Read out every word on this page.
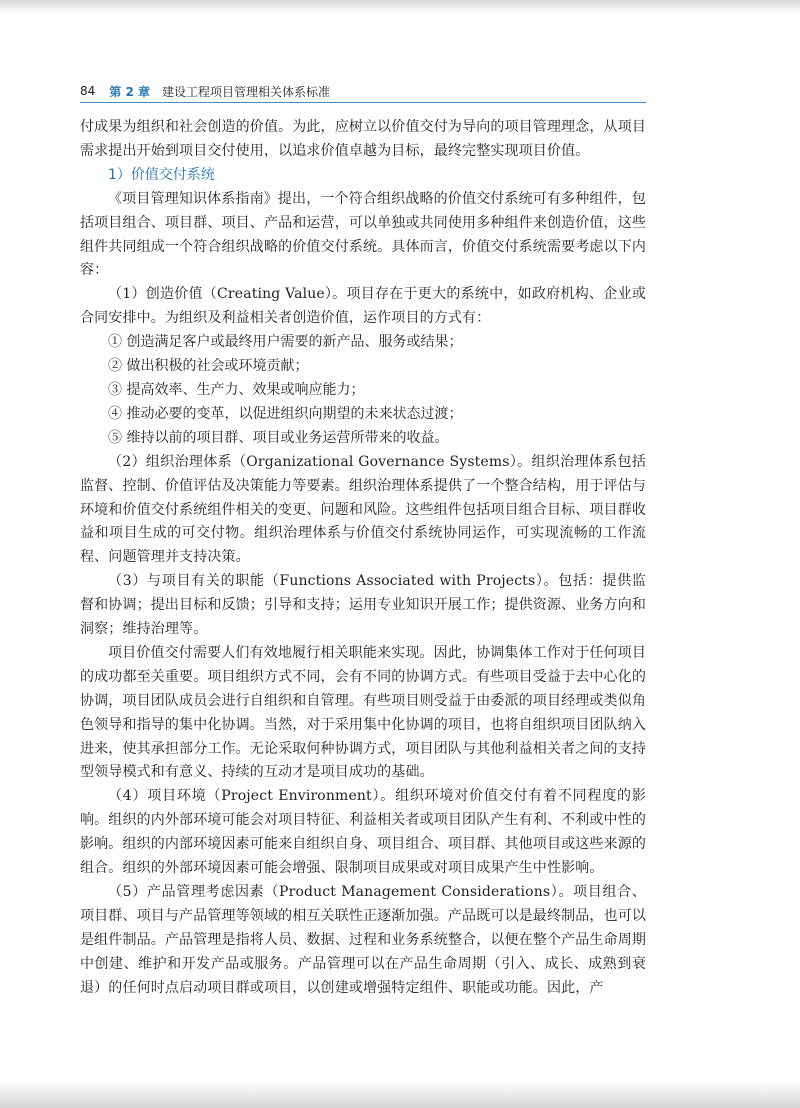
84 第 2 章 建设工程项目管理相关体系标准

付成果为组织和社会创造的价值。为此，应树立以价值交付为导向的项目管理理念，从项目需求提出开始到项目交付使用，以追求价值卓越为目标，最终完整实现项目价值。

1）价值交付系统

《项目管理知识体系指南》提出，一个符合组织战略的价值交付系统可有多种组件，包括项目组合、项目群、项目、产品和运营，可以单独或共同使用多种组件来创造价值，这些组件共同组成一个符合组织战略的价值交付系统。具体而言，价值交付系统需要考虑以下内容：

（1）创造价值（Creating Value）。项目存在于更大的系统中，如政府机构、企业或合同安排中。为组织及利益相关者创造价值，运作项目的方式有：

① 创造满足客户或最终用户需要的新产品、服务或结果；

② 做出积极的社会或环境贡献；

③ 提高效率、生产力、效果或响应能力；

④ 推动必要的变革，以促进组织向期望的未来状态过渡；

⑤ 维持以前的项目群、项目或业务运营所带来的收益。

（2）组织治理体系（Organizational Governance Systems）。组织治理体系包括监督、控制、价值评估及决策能力等要素。组织治理体系提供了一个整合结构，用于评估与环境和价值交付系统组件相关的变更、问题和风险。这些组件包括项目组合目标、项目群收益和项目生成的可交付物。组织治理体系与价值交付系统协同运作，可实现流畅的工作流程、问题管理并支持决策。

（3）与项目有关的职能（Functions Associated with Projects）。包括：提供监督和协调；提出目标和反馈；引导和支持；运用专业知识开展工作；提供资源、业务方向和洞察；维持治理等。

项目价值交付需要人们有效地履行相关职能来实现。因此，协调集体工作对于任何项目的成功都至关重要。项目组织方式不同，会有不同的协调方式。有些项目受益于去中心化的协调，项目团队成员会进行自组织和自管理。有些项目则受益于由委派的项目经理或类似角色领导和指导的集中化协调。当然，对于采用集中化协调的项目，也将自组织项目团队纳入进来，使其承担部分工作。无论采取何种协调方式，项目团队与其他利益相关者之间的支持型领导模式和有意义、持续的互动才是项目成功的基础。

（4）项目环境（Project Environment）。组织环境对价值交付有着不同程度的影响。组织的内外部环境可能会对项目特征、利益相关者或项目团队产生有利、不利或中性的影响。组织的内部环境因素可能来自组织自身、项目组合、项目群、其他项目或这些来源的组合。组织的外部环境因素可能会增强、限制项目成果或对项目成果产生中性影响。

（5）产品管理考虑因素（Product Management Considerations）。项目组合、项目群、项目与产品管理等领域的相互关联性正逐渐加强。产品既可以是最终制品，也可以是组件制品。产品管理是指将人员、数据、过程和业务系统整合，以便在整个产品生命周期中创建、维护和开发产品或服务。产品管理可以在产品生命周期（引入、成长、成熟到衰退）的任何时点启动项目群或项目，以创建或增强特定组件、职能或功能。因此，产
